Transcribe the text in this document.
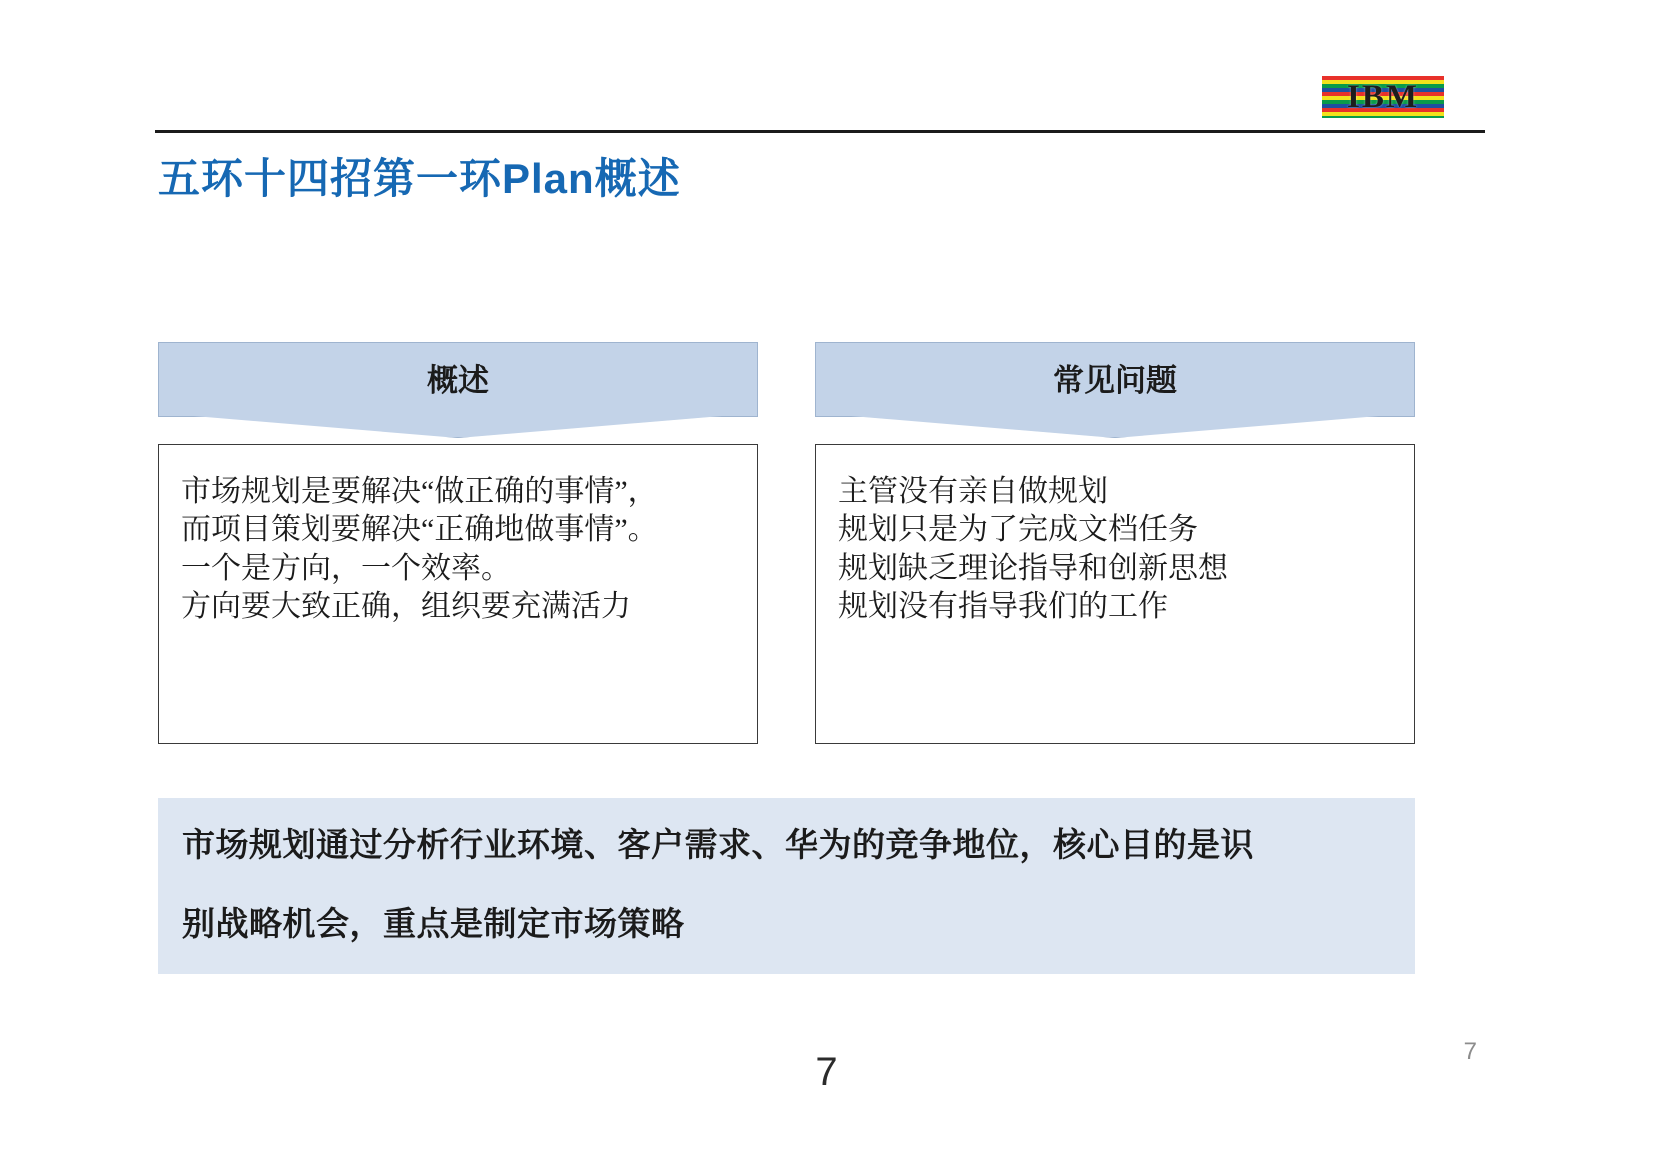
IBM
五环十四招第一环Plan概述
概述
市场规划是要解决“做正确的事情”，
而项目策划要解决“正确地做事情”。
一个是方向，一个效率。
方向要大致正确，组织要充满活力
常见问题
主管没有亲自做规划
规划只是为了完成文档任务
规划缺乏理论指导和创新思想
规划没有指导我们的工作
市场规划通过分析行业环境、客户需求、华为的竞争地位，核心目的是识
别战略机会，重点是制定市场策略
7
7
